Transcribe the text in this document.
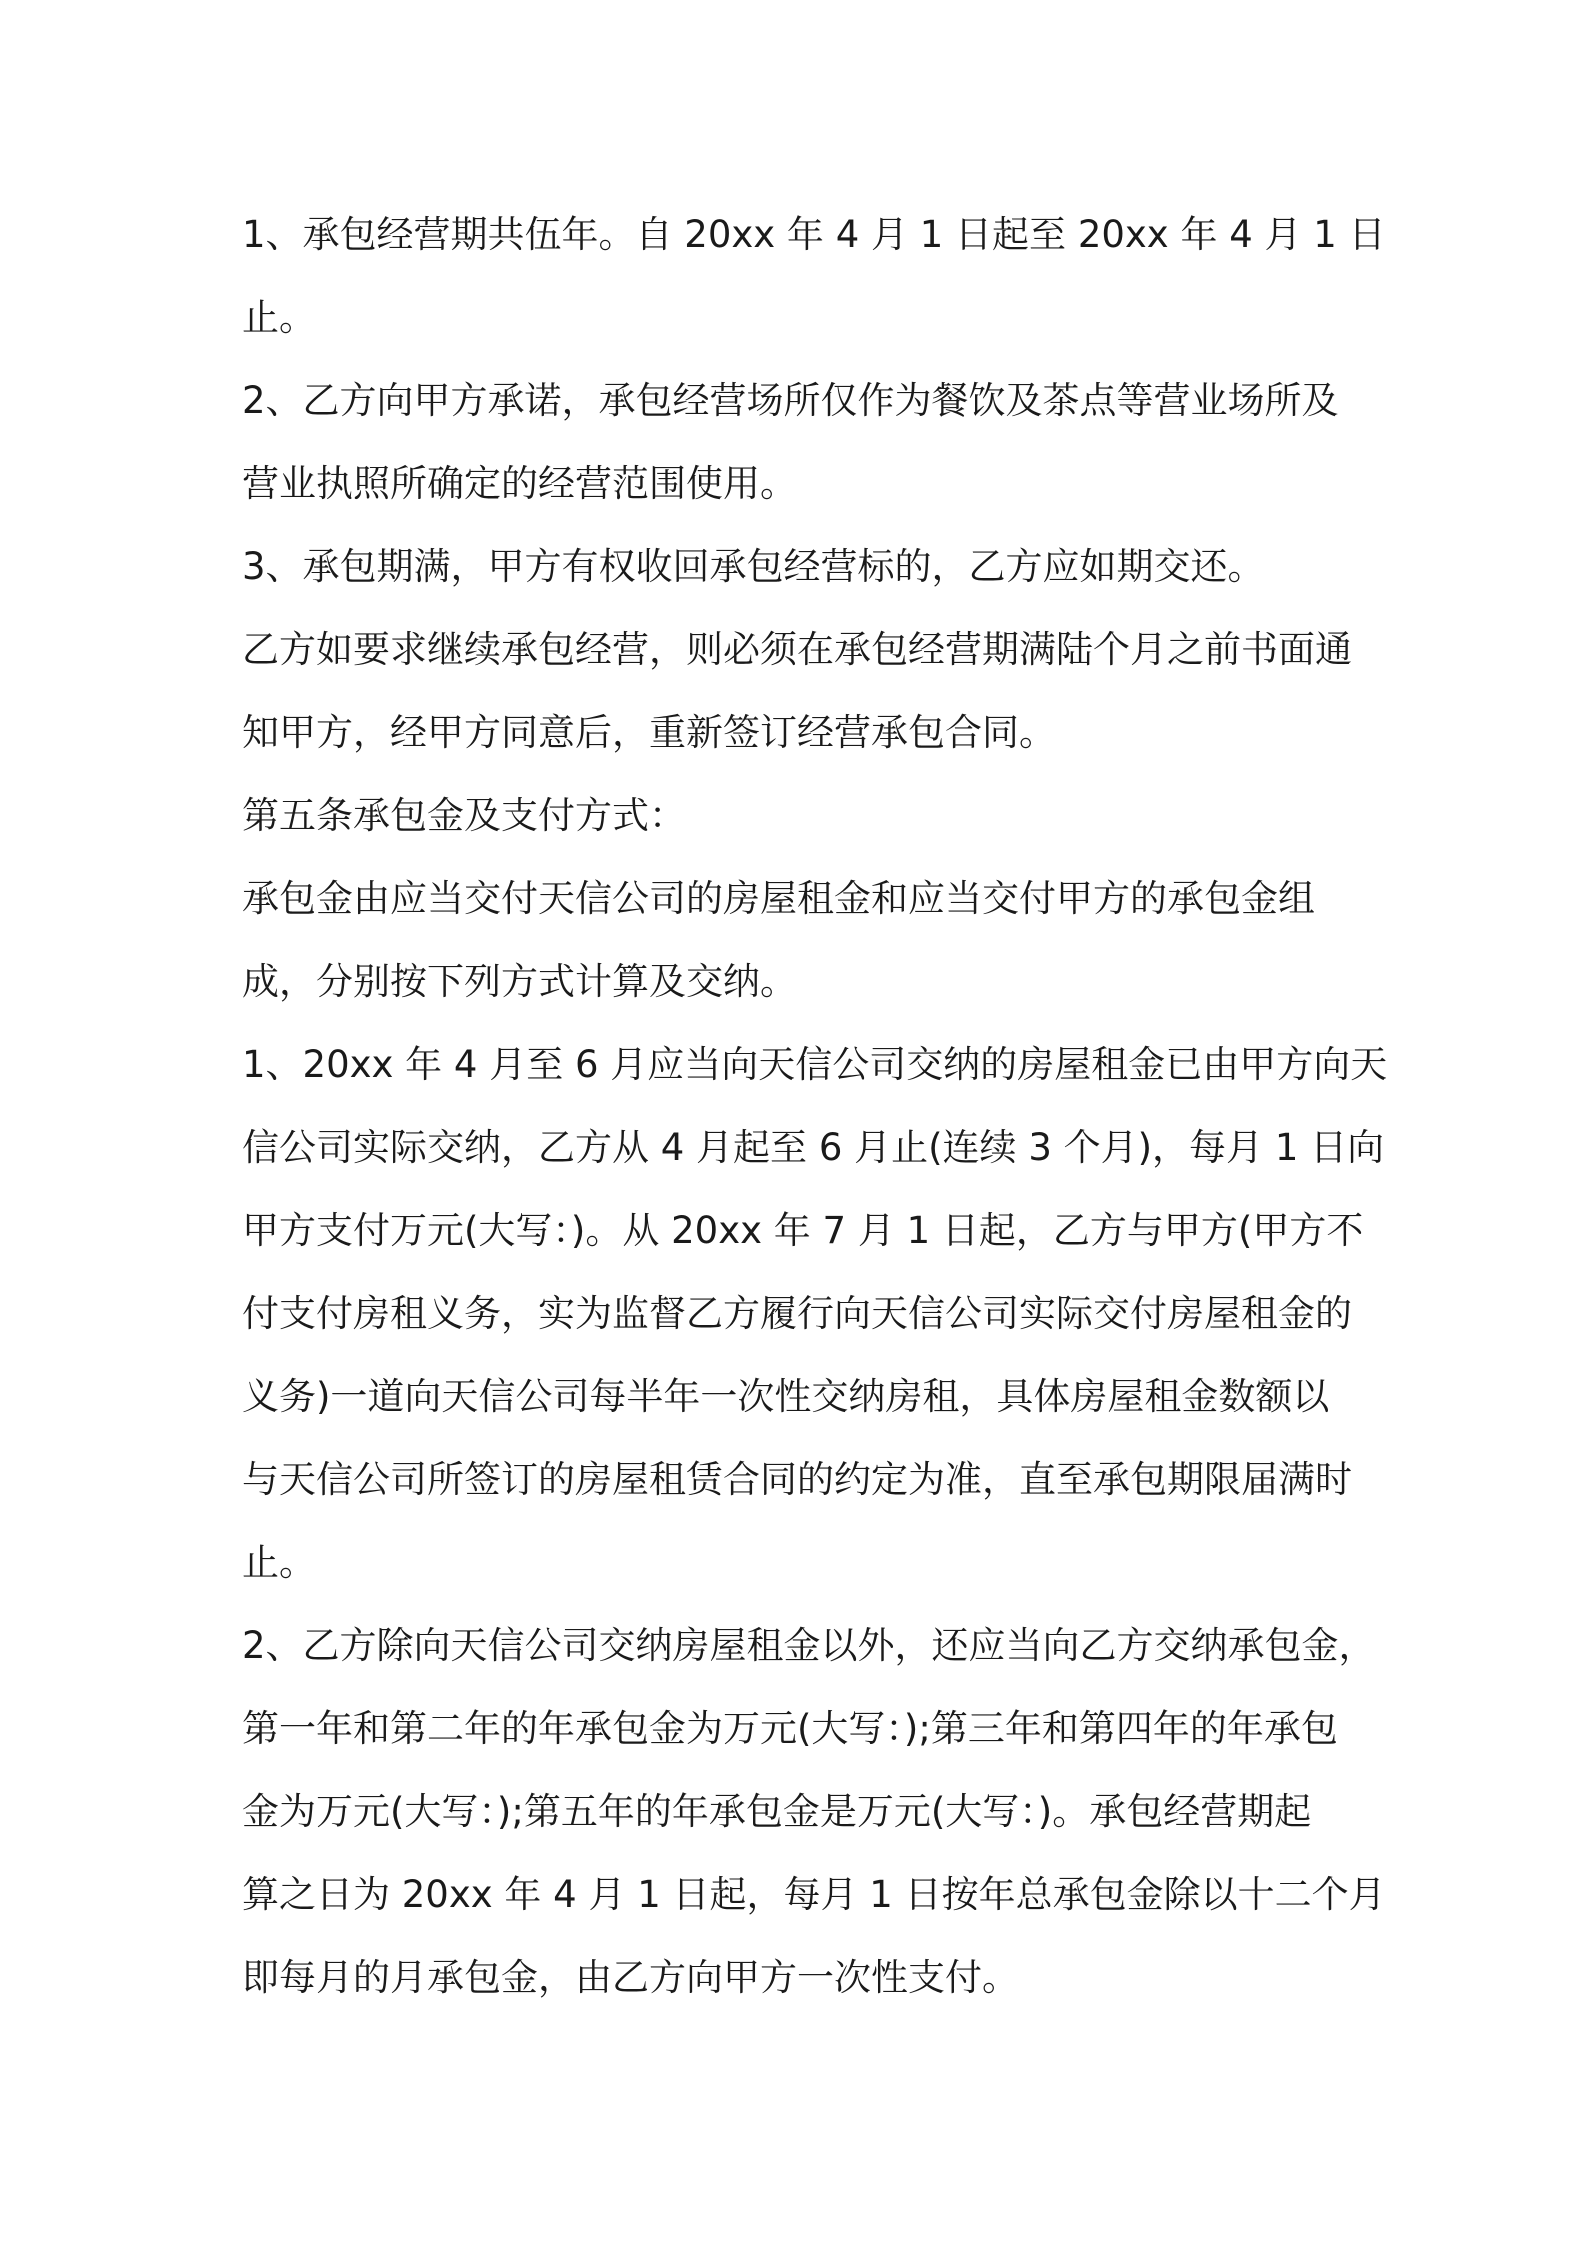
1、承包经营期共伍年。自 20xx 年 4 月 1 日起至 20xx 年 4 月 1 日
止。
2、乙方向甲方承诺，承包经营场所仅作为餐饮及茶点等营业场所及
营业执照所确定的经营范围使用。
3、承包期满，甲方有权收回承包经营标的，乙方应如期交还。
乙方如要求继续承包经营，则必须在承包经营期满陆个月之前书面通
知甲方，经甲方同意后，重新签订经营承包合同。
第五条承包金及支付方式：
承包金由应当交付天信公司的房屋租金和应当交付甲方的承包金组
成，分别按下列方式计算及交纳。
1、20xx 年 4 月至 6 月应当向天信公司交纳的房屋租金已由甲方向天
信公司实际交纳，乙方从 4 月起至 6 月止(连续 3 个月)，每月 1 日向
甲方支付万元(大写：)。从 20xx 年 7 月 1 日起，乙方与甲方(甲方不
付支付房租义务，实为监督乙方履行向天信公司实际交付房屋租金的
义务)一道向天信公司每半年一次性交纳房租，具体房屋租金数额以
与天信公司所签订的房屋租赁合同的约定为准，直至承包期限届满时
止。
2、乙方除向天信公司交纳房屋租金以外，还应当向乙方交纳承包金，
第一年和第二年的年承包金为万元(大写：);第三年和第四年的年承包
金为万元(大写：);第五年的年承包金是万元(大写：)。承包经营期起
算之日为 20xx 年 4 月 1 日起，每月 1 日按年总承包金除以十二个月
即每月的月承包金，由乙方向甲方一次性支付。
